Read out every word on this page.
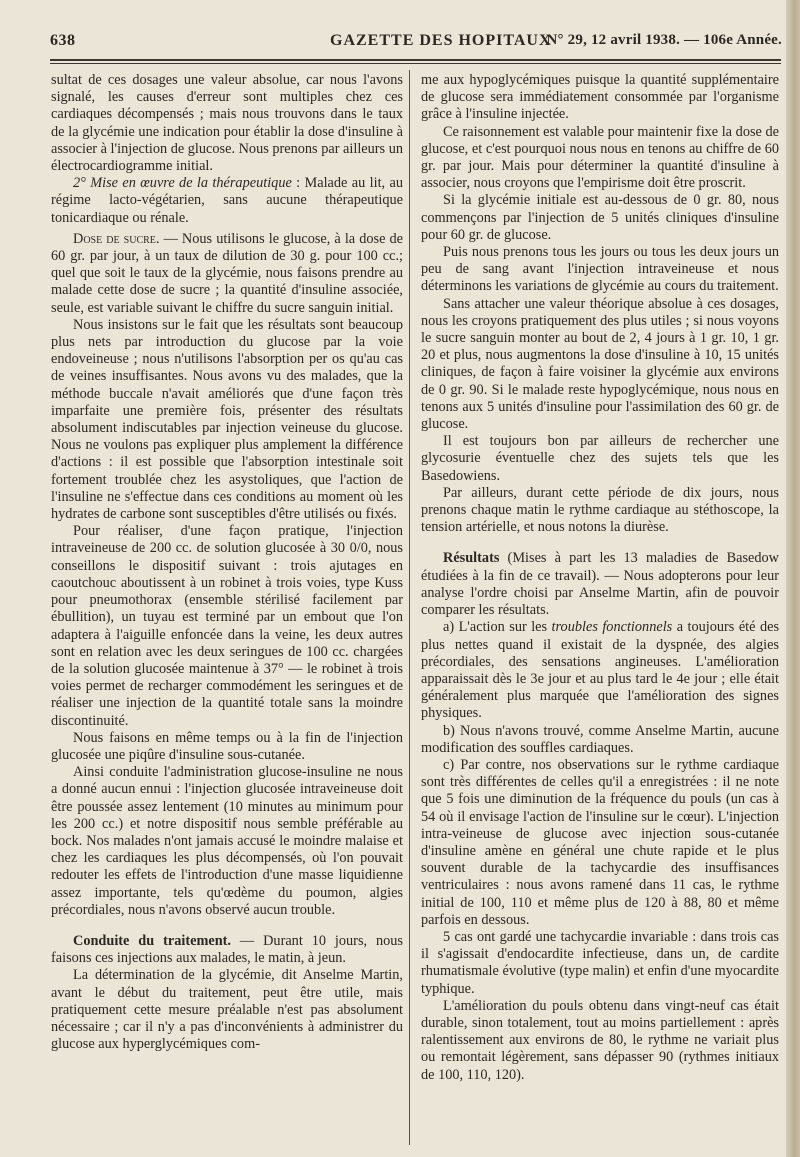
638	GAZETTE DES HOPITAUX
N° 29, 12 avril 1938. — 106e Année.

sultat de ces dosages une valeur absolue, car nous l'avons signalé, les causes d'erreur sont multiples chez ces cardiaques décompensés ; mais nous trouvons dans le taux de la glycémie une indication pour établir la dose d'insuline à associer à l'injection de glucose. Nous prenons par ailleurs un électrocardiogramme initial.

2° Mise en œuvre de la thérapeutique : Malade au lit, au régime lacto-végétarien, sans aucune thérapeutique tonicardiaque ou rénale.

Dose de sucre. — Nous utilisons le glucose, à la dose de 60 gr. par jour, à un taux de dilution de 30 g. pour 100 cc.; quel que soit le taux de la glycémie, nous faisons prendre au malade cette dose de sucre ; la quantité d'insuline associée, seule, est variable suivant le chiffre du sucre sanguin initial.

Nous insistons sur le fait que les résultats sont beaucoup plus nets par introduction du glucose par la voie endoveineuse ; nous n'utilisons l'absorption per os qu'au cas de veines insuffisantes. Nous avons vu des malades, que la méthode buccale n'avait améliorés que d'une façon très imparfaite une première fois, présenter des résultats absolument indiscutables par injection veineuse du glucose. Nous ne voulons pas expliquer plus amplement la différence d'actions : il est possible que l'absorption intestinale soit fortement troublée chez les asystoliques, que l'action de l'insuline ne s'effectue dans ces conditions au moment où les hydrates de carbone sont susceptibles d'être utilisés ou fixés.

Pour réaliser, d'une façon pratique, l'injection intraveineuse de 200 cc. de solution glucosée à 30 0/0, nous conseillons le dispositif suivant : trois ajutages en caoutchouc aboutissent à un robinet à trois voies, type Kuss pour pneumothorax (ensemble stérilisé facilement par ébullition), un tuyau est terminé par un embout que l'on adaptera à l'aiguille enfoncée dans la veine, les deux autres sont en relation avec les deux seringues de 100 cc. chargées de la solution glucosée maintenue à 37° — le robinet à trois voies permet de recharger commodément les seringues et de réaliser une injection de la quantité totale sans la moindre discontinuité.

Nous faisons en même temps ou à la fin de l'injection glucosée une piqûre d'insuline sous-cutanée.

Ainsi conduite l'administration glucose-insuline ne nous a donné aucun ennui : l'injection glucosée intraveineuse doit être poussée assez lentement (10 minutes au minimum pour les 200 cc.) et notre dispositif nous semble préférable au bock. Nos malades n'ont jamais accusé le moindre malaise et chez les cardiaques les plus décompensés, où l'on pouvait redouter les effets de l'introduction d'une masse liquidienne assez importante, tels qu'œdème du poumon, algies précordiales, nous n'avons observé aucun trouble.

Conduite du traitement. — Durant 10 jours, nous faisons ces injections aux malades, le matin, à jeun.

La détermination de la glycémie, dit Anselme Martin, avant le début du traitement, peut être utile, mais pratiquement cette mesure préalable n'est pas absolument nécessaire ; car il n'y a pas d'inconvénients à administrer du glucose aux hyperglycémiques com-

me aux hypoglycémiques puisque la quantité supplémentaire de glucose sera immédiatement consommée par l'organisme grâce à l'insuline injectée.

Ce raisonnement est valable pour maintenir fixe la dose de glucose, et c'est pourquoi nous nous en tenons au chiffre de 60 gr. par jour. Mais pour déterminer la quantité d'insuline à associer, nous croyons que l'empirisme doit être proscrit.

Si la glycémie initiale est au-dessous de 0 gr. 80, nous commençons par l'injection de 5 unités cliniques d'insuline pour 60 gr. de glucose.

Puis nous prenons tous les jours ou tous les deux jours un peu de sang avant l'injection intraveineuse et nous déterminons les variations de glycémie au cours du traitement.

Sans attacher une valeur théorique absolue à ces dosages, nous les croyons pratiquement des plus utiles ; si nous voyons le sucre sanguin monter au bout de 2, 4 jours à 1 gr. 10, 1 gr. 20 et plus, nous augmentons la dose d'insuline à 10, 15 unités cliniques, de façon à faire voisiner la glycémie aux environs de 0 gr. 90. Si le malade reste hypoglycémique, nous nous en tenons aux 5 unités d'insuline pour l'assimilation des 60 gr. de glucose.

Il est toujours bon par ailleurs de rechercher une glycosurie éventuelle chez des sujets tels que les Basedowiens.

Par ailleurs, durant cette période de dix jours, nous prenons chaque matin le rythme cardiaque au stéthoscope, la tension artérielle, et nous notons la diurèse.

Résultats (Mises à part les 13 maladies de Basedow étudiées à la fin de ce travail). — Nous adopterons pour leur analyse l'ordre choisi par Anselme Martin, afin de pouvoir comparer les résultats.

a) L'action sur les troubles fonctionnels a toujours été des plus nettes quand il existait de la dyspnée, des algies précordiales, des sensations angineuses. L'amélioration apparaissait dès le 3e jour et au plus tard le 4e jour ; elle était généralement plus marquée que l'amélioration des signes physiques.

b) Nous n'avons trouvé, comme Anselme Martin, aucune modification des souffles cardiaques.

c) Par contre, nos observations sur le rythme cardiaque sont très différentes de celles qu'il a enregistrées : il ne note que 5 fois une diminution de la fréquence du pouls (un cas à 54 où il envisage l'action de l'insuline sur le cœur). L'injection intra-veineuse de glucose avec injection sous-cutanée d'insuline amène en général une chute rapide et le plus souvent durable de la tachycardie des insuffisances ventriculaires : nous avons ramené dans 11 cas, le rythme initial de 100, 110 et même plus de 120 à 88, 80 et même parfois en dessous.

5 cas ont gardé une tachycardie invariable : dans trois cas il s'agissait d'endocardite infectieuse, dans un, de cardite rhumatismale évolutive (type malin) et enfin d'une myocardite typhique.

L'amélioration du pouls obtenu dans vingt-neuf cas était durable, sinon totalement, tout au moins partiellement : après ralentissement aux environs de 80, le rythme ne variait plus ou remontait légèrement, sans dépasser 90 (rythmes initiaux de 100, 110, 120).
